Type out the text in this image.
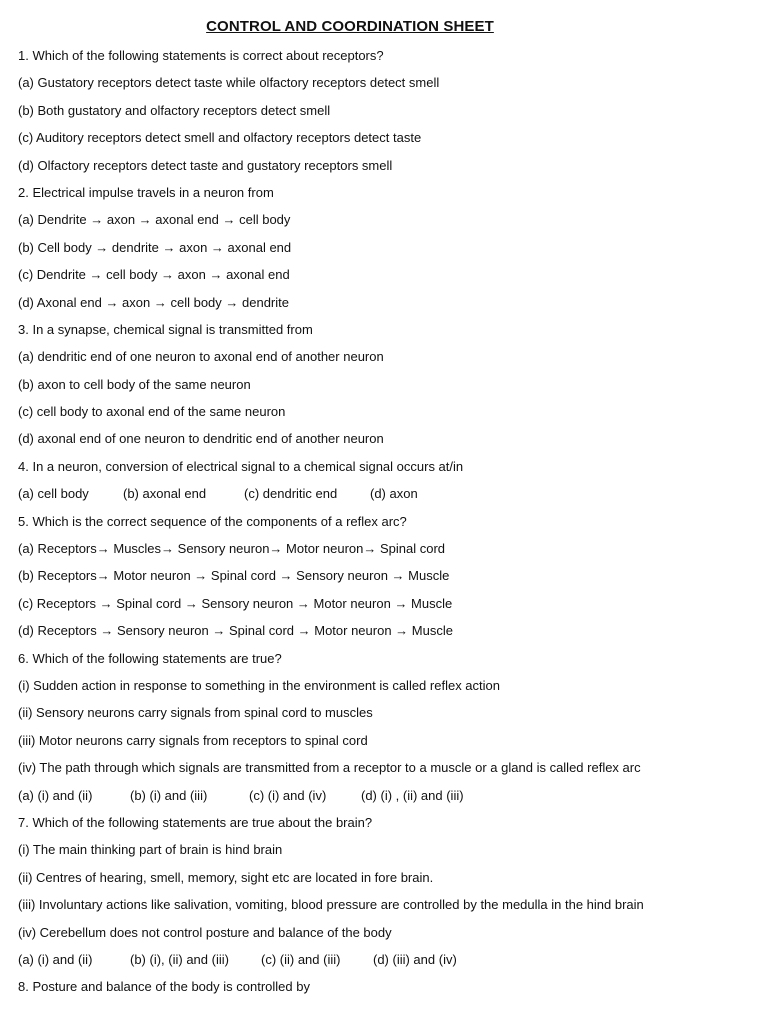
CONTROL AND COORDINATION SHEET
1. Which of the following statements is correct about receptors?
(a) Gustatory receptors detect taste while olfactory receptors detect smell
(b) Both gustatory and olfactory receptors detect smell
(c) Auditory receptors detect smell and olfactory receptors detect taste
(d) Olfactory receptors detect taste and gustatory receptors smell
2. Electrical impulse travels in a neuron from
(a) Dendrite → axon → axonal end → cell body
(b) Cell body → dendrite → axon → axonal end
(c) Dendrite → cell body → axon → axonal end
(d) Axonal end → axon → cell body → dendrite
3. In a synapse, chemical signal is transmitted from
(a) dendritic end of one neuron to axonal end of another neuron
(b) axon to cell body of the same neuron
(c) cell body to axonal end of the same neuron
(d) axonal end of one neuron to dendritic end of another neuron
4. In a neuron, conversion of electrical signal to a chemical signal occurs at/in
(a) cell body	(b) axonal end	(c) dendritic end	(d) axon
5. Which is the correct sequence of the components of a reflex arc?
(a) Receptors→ Muscles→ Sensory neuron→ Motor neuron→ Spinal cord
(b) Receptors→ Motor neuron → Spinal cord → Sensory neuron → Muscle
(c) Receptors → Spinal cord → Sensory neuron → Motor neuron → Muscle
(d) Receptors → Sensory neuron → Spinal cord → Motor neuron → Muscle
6. Which of the following statements are true?
(i) Sudden action in response to something in the environment is called reflex action
(ii) Sensory neurons carry signals from spinal cord to muscles
(iii) Motor neurons carry signals from receptors to spinal cord
(iv) The path through which signals are transmitted from a receptor to a muscle or a gland is called reflex arc
(a) (i) and (ii)	(b) (i) and (iii)	(c) (i) and (iv)	(d) (i) , (ii) and (iii)
7. Which of the following statements are true about the brain?
(i) The main thinking part of brain is hind brain
(ii) Centres of hearing, smell, memory, sight etc are located in fore brain.
(iii) Involuntary actions like salivation, vomiting, blood pressure are controlled by the medulla in the hind brain
(iv) Cerebellum does not control posture and balance of the body
(a) (i) and (ii)	(b) (i), (ii) and (iii)	(c) (ii) and (iii)	(d) (iii) and (iv)
8. Posture and balance of the body is controlled by
